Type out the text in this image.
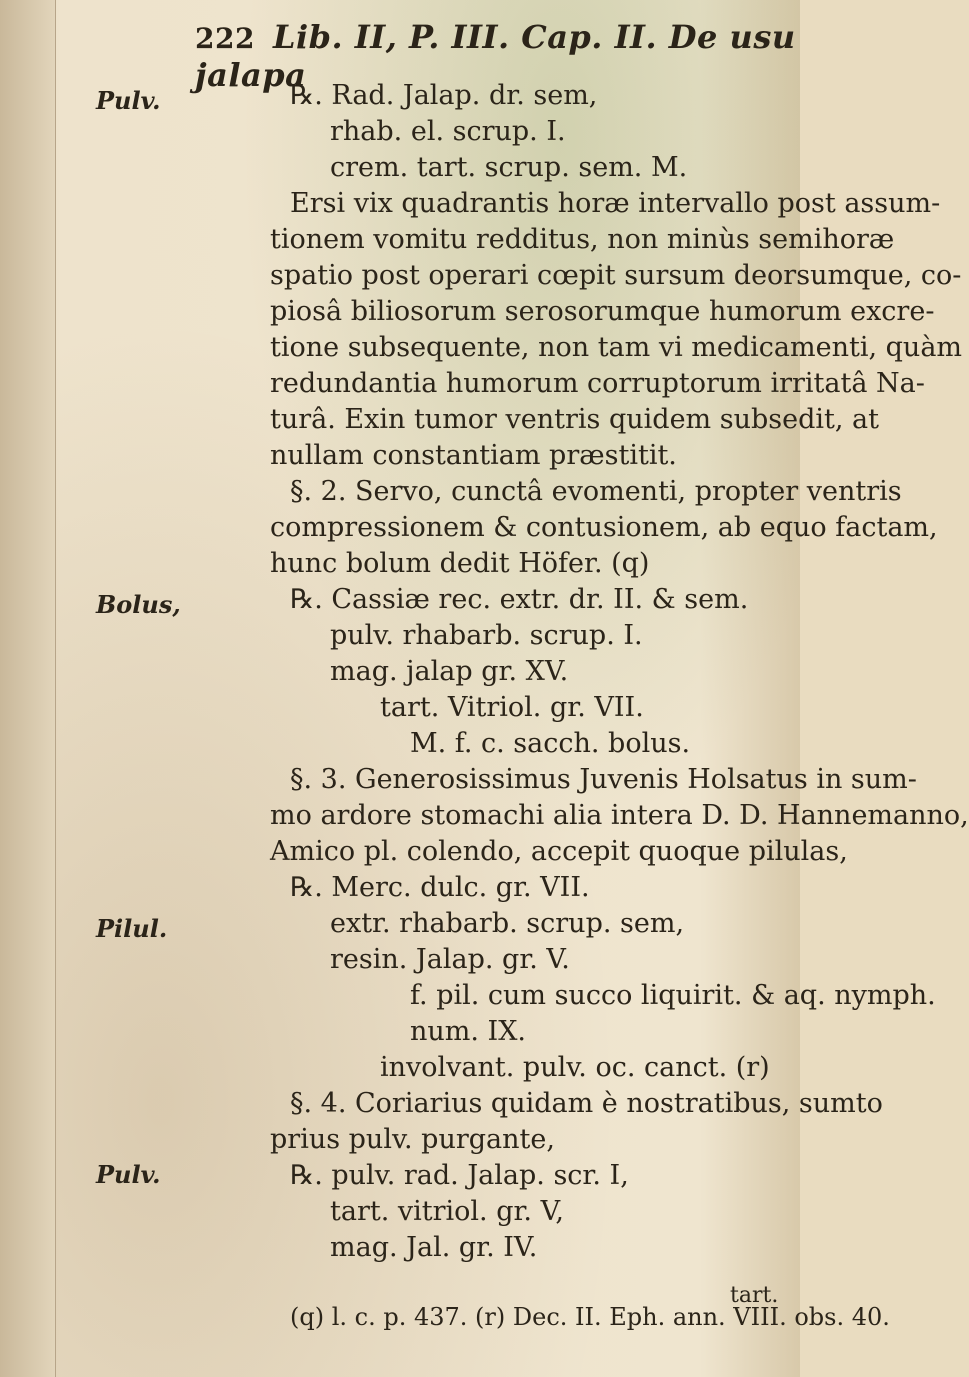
222 Lib. II, P. III. Cap. II. De usu jalapa
Pulv.
Bolus,
Pilul.
Pulv.
℞. Rad. Jalap. dr. sem,
rhab. el. scrup. I.
crem. tart. scrup. sem. M.
Ersi vix quadrantis horæ intervallo post assum-
tionem vomitu redditus, non minùs semihoræ
spatio post operari cœpit sursum deorsumque, co-
piosâ biliosorum serosorumque humorum excre-
tione subsequente, non tam vi medicamenti, quàm
redundantia humorum corruptorum irritatâ Na-
turâ. Exin tumor ventris quidem subsedit, at
nullam constantiam præstitit.
§. 2. Servo, cunctâ evomenti, propter ventris
compressionem & contusionem, ab equo factam,
hunc bolum dedit Höfer. (q)
℞. Cassiæ rec. extr. dr. II. & sem.
pulv. rhabarb. scrup. I.
mag. jalap gr. XV.
tart. Vitriol. gr. VII.
M. f. c. sacch. bolus.
§. 3. Generosissimus Juvenis Holsatus in sum-
mo ardore stomachi alia intera D. D. Hannemanno,
Amico pl. colendo, accepit quoque pilulas,
℞. Merc. dulc. gr. VII.
extr. rhabarb. scrup. sem,
resin. Jalap. gr. V.
f. pil. cum succo liquirit. & aq. nymph.
num. IX.
involvant. pulv. oc. canct. (r)
§. 4. Coriarius quidam è nostratibus, sumto
prius pulv. purgante,
℞. pulv. rad. Jalap. scr. I,
tart. vitriol. gr. V,
mag. Jal. gr. IV.
tart.
(q) l. c. p. 437. (r) Dec. II. Eph. ann. VIII. obs. 40.
